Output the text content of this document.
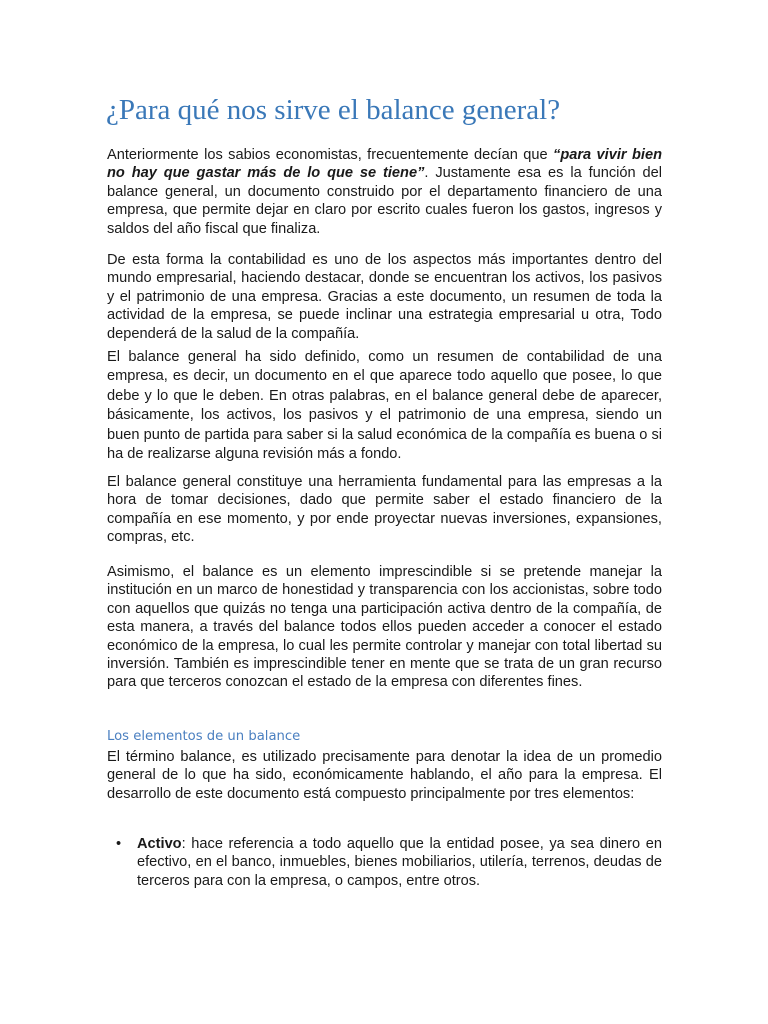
¿Para qué nos sirve el balance general?

Anteriormente los sabios economistas, frecuentemente decían que “para vivir bien no hay que gastar más de lo que se tiene”. Justamente esa es la función del balance general, un documento construido por el departamento financiero de una empresa, que permite dejar en claro por escrito cuales fueron los gastos, ingresos y saldos del año fiscal que finaliza.

De esta forma la contabilidad es uno de los aspectos más importantes dentro del mundo empresarial, haciendo destacar, donde se encuentran los activos, los pasivos y el patrimonio de una empresa. Gracias a este documento, un resumen de toda la actividad de la empresa, se puede inclinar una estrategia empresarial u otra, Todo dependerá de la salud de la compañía.

El balance general ha sido definido, como un resumen de contabilidad de una empresa, es decir, un documento en el que aparece todo aquello que posee, lo que debe y lo que le deben. En otras palabras, en el balance general debe de aparecer, básicamente, los activos, los pasivos y el patrimonio de una empresa, siendo un buen punto de partida para saber si la salud económica de la compañía es buena o si ha de realizarse alguna revisión más a fondo.

El balance general constituye una herramienta fundamental para las empresas a la hora de tomar decisiones, dado que permite saber el estado financiero de la compañía en ese momento, y por ende proyectar nuevas inversiones, expansiones, compras, etc.

Asimismo, el balance es un elemento imprescindible si se pretende manejar la institución en un marco de honestidad y transparencia con los accionistas, sobre todo con aquellos que quizás no tenga una participación activa dentro de la compañía, de esta manera, a través del balance todos ellos pueden acceder a conocer el estado económico de la empresa, lo cual les permite controlar y manejar con total libertad su inversión. También es imprescindible tener en mente que se trata de un gran recurso para que terceros conozcan el estado de la empresa con diferentes fines.

Los elementos de un balance

El término balance, es utilizado precisamente para denotar la idea de un promedio general de lo que ha sido, económicamente hablando, el año para la empresa. El desarrollo de este documento está compuesto principalmente por tres elementos:

• Activo: hace referencia a todo aquello que la entidad posee, ya sea dinero en efectivo, en el banco, inmuebles, bienes mobiliarios, utilería, terrenos, deudas de terceros para con la empresa, o campos, entre otros.
